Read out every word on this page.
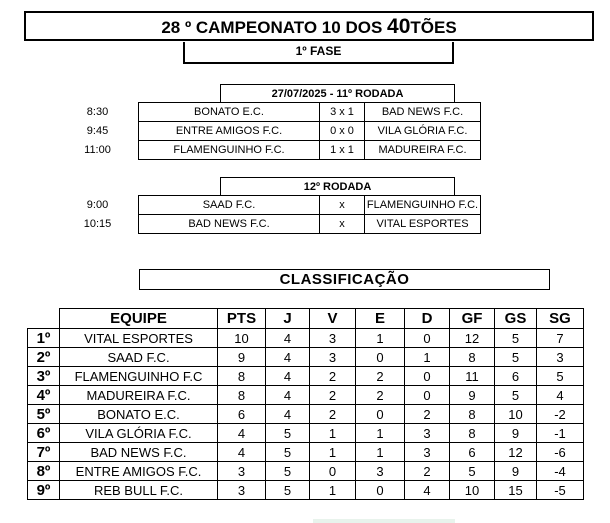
28 º CAMPEONATO 10 DOS 40TÕES
1º FASE
27/07/2025 - 11º RODADA
8:30	BONATO E.C.	3 x 1	BAD NEWS F.C.
9:45	ENTRE AMIGOS F.C.	0 x 0	VILA GLÓRIA F.C.
11:00	FLAMENGUINHO F.C.	1 x 1	MADUREIRA F.C.
12º RODADA
9:00	SAAD F.C.	x	FLAMENGUINHO F.C.
10:15	BAD NEWS F.C.	x	VITAL ESPORTES
CLASSIFICAÇÃO
	EQUIPE	PTS	J	V	E	D	GF	GS	SG
1º	VITAL ESPORTES	10	4	3	1	0	12	5	7
2º	SAAD F.C.	9	4	3	0	1	8	5	3
3º	FLAMENGUINHO F.C	8	4	2	2	0	11	6	5
4º	MADUREIRA F.C.	8	4	2	2	0	9	5	4
5º	BONATO E.C.	6	4	2	0	2	8	10	-2
6º	VILA GLÓRIA F.C.	4	5	1	1	3	8	9	-1
7º	BAD NEWS F.C.	4	5	1	1	3	6	12	-6
8º	ENTRE AMIGOS F.C.	3	5	0	3	2	5	9	-4
9º	REB BULL F.C.	3	5	1	0	4	10	15	-5
